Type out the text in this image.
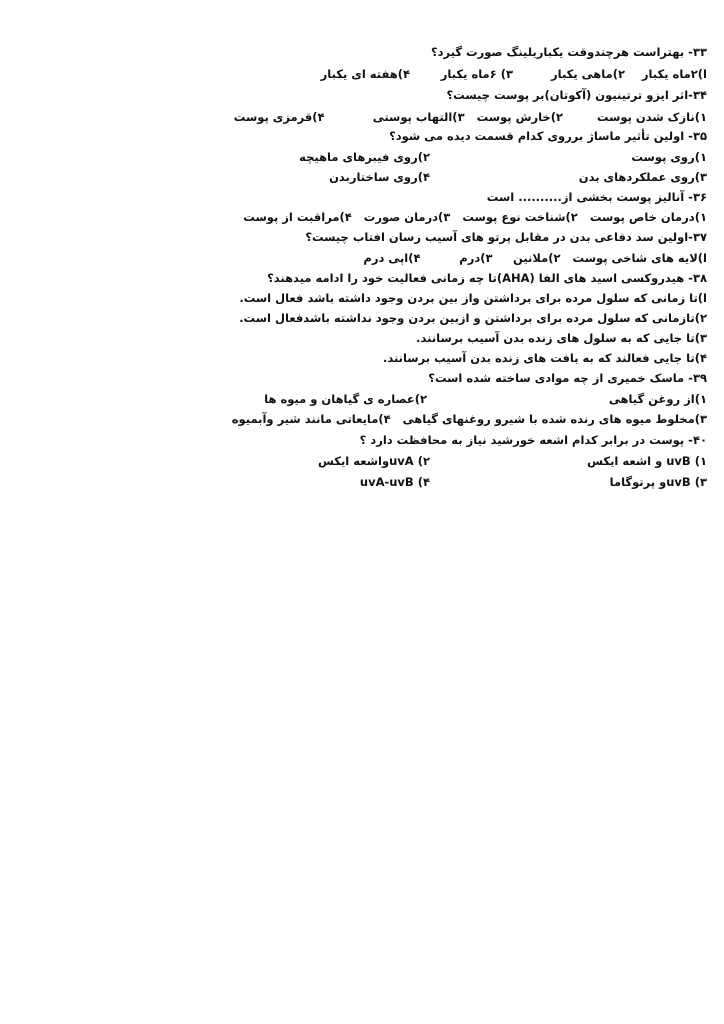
۳۳- بهتراست هرچندوقت یکباریلینگ صورت گیرد؟
ا)۲ماه یکبار
۲)ماهی یکبار
۳) ۶ماه یکبار
۴)هفته ای یکبار
۳۴-اثر ایزو ترتینیون (آکوتان)بر پوست چیست؟
۱)نازک شدن پوست
۲)خارش پوست
۳)التهاب پوستی
۴)قرمزی پوست
۳۵- اولین تأثیر ماساژ برروی کدام قسمت دیده می شود؟
۱)روی پوست
۲)روی فیبرهای ماهیچه
۳)روی عملکردهای بدن
۴)روی ساختاربدن
۳۶- آنالیز پوست بخشی از.......... است
۱)درمان خاص پوست
۲)شناخت نوع پوست
۳)درمان صورت
۴)مراقبت از پوست
۳۷-اولین سد دفاعی بدن در مقابل پرتو های آسیب رسان افتاب چیست؟
ا)لایه های شاخی پوست
۲)ملانین
۳)درم
۴)اپی درم
۳۸- هیدروکسی اسید های الفا (AHA)تا چه زمانی فعالیت خود را ادامه میدهند؟
ا)تا زمانی که سلول مرده برای برداشتن واز بین بردن وجود داشته باشد فعال است.
۲)تازمانی که سلول مرده برای برداشتن و ازبین بردن وجود نداشته باشدفعال است.
۳)تا جایی که به سلول های زنده بدن آسیب برسانند.
۴)تا جایی فعالند که به بافت های زنده بدن آسیب برسانند.
۳۹- ماسک خمیری از چه موادی ساخته شده است؟
۱)از روغن گیاهی
۲)عصاره ی گیاهان و میوه ها
۳)مخلوط میوه های رنده شده با شیرو روغنهای گیاهی
۴)مایعاتی مانند شیر وآبمیوه
۴۰- پوست در برابر کدام اشعه خورشید نیاز به محافظت دارد ؟
۱) uvB و اشعه ایکس
۲) uvAواشعه ایکس
۳) uvBو پرتوگاما
۴) uvA-uvB
